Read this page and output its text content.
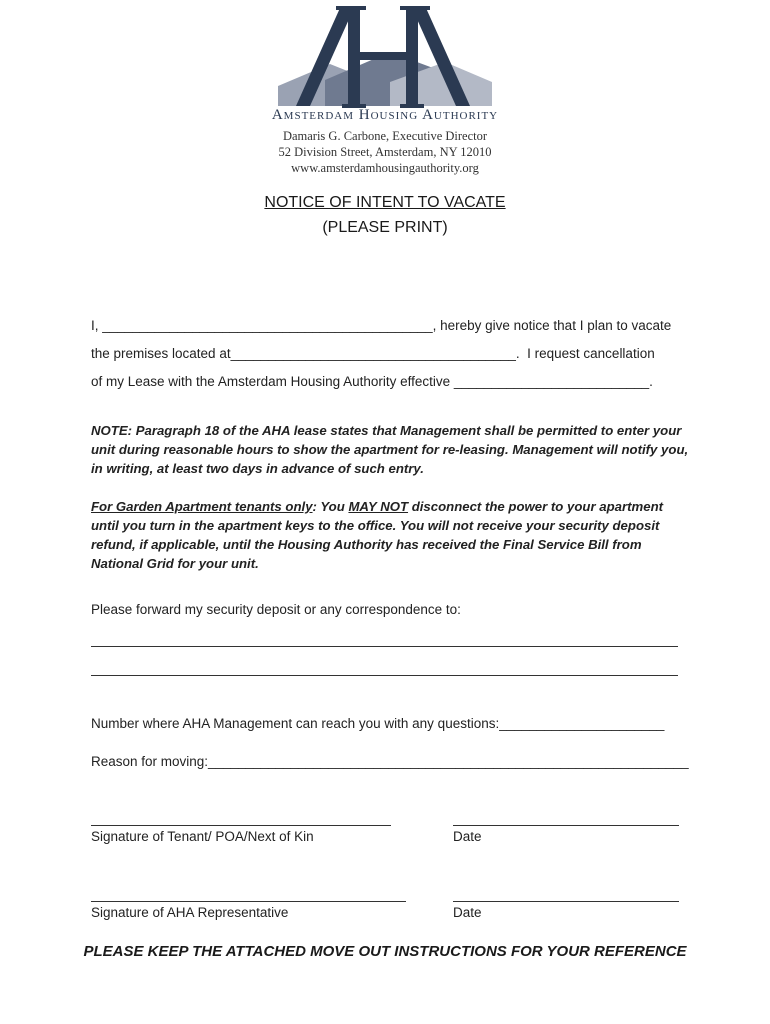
Amsterdam Housing Authority
Damaris G. Carbone, Executive Director
52 Division Street, Amsterdam, NY 12010
www.amsterdamhousingauthority.org
NOTICE OF INTENT TO VACATE
(PLEASE PRINT)
I, ____________________________________________, hereby give notice that I plan to vacate
the premises located at______________________________________.  I request cancellation
of my Lease with the Amsterdam Housing Authority effective __________________________.
NOTE: Paragraph 18 of the AHA lease states that Management shall be permitted to enter your unit during reasonable hours to show the apartment for re-leasing. Management will notify you, in writing, at least two days in advance of such entry.
For Garden Apartment tenants only: You MAY NOT disconnect the power to your apartment until you turn in the apartment keys to the office. You will not receive your security deposit refund, if applicable, until the Housing Authority has received the Final Service Bill from National Grid for your unit.
Please forward my security deposit or any correspondence to:
Number where AHA Management can reach you with any questions:______________________
Reason for moving:________________________________________________________________
Signature of Tenant/ POA/Next of Kin	Date
Signature of AHA Representative	Date
PLEASE KEEP THE ATTACHED MOVE OUT INSTRUCTIONS FOR YOUR REFERENCE
